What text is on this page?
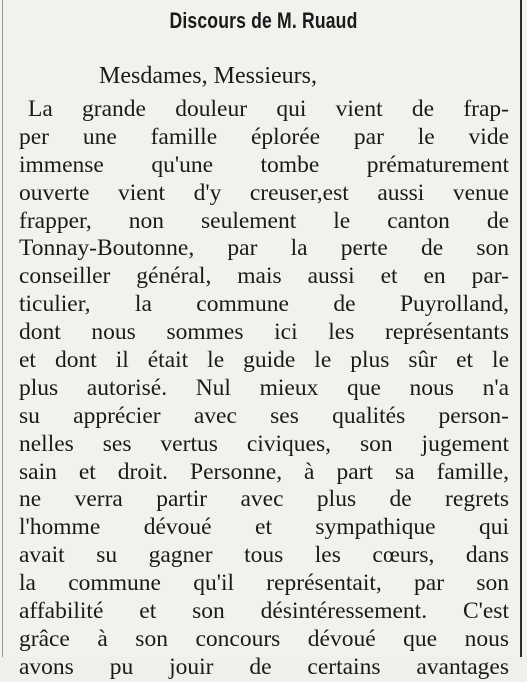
Discours de M. Ruaud
Mesdames, Messieurs,
La grande douleur qui vient de frap-
per une famille éplorée par le vide
immense qu'une tombe prématurement
ouverte vient d'y creuser,est aussi venue
frapper, non seulement le canton de
Tonnay-Boutonne, par la perte de son
conseiller général, mais aussi et en par-
ticulier, la commune de Puyrolland,
dont nous sommes ici les représentants
et dont il était le guide le plus sûr et le
plus autorisé. Nul mieux que nous n'a
su apprécier avec ses qualités person-
nelles ses vertus civiques, son jugement
sain et droit. Personne, à part sa famille,
ne verra partir avec plus de regrets
l'homme dévoué et sympathique qui
avait su gagner tous les cœurs, dans
la commune qu'il représentait, par son
affabilité et son désintéressement. C'est
grâce à son concours dévoué que nous
avons pu jouir de certains avantages
